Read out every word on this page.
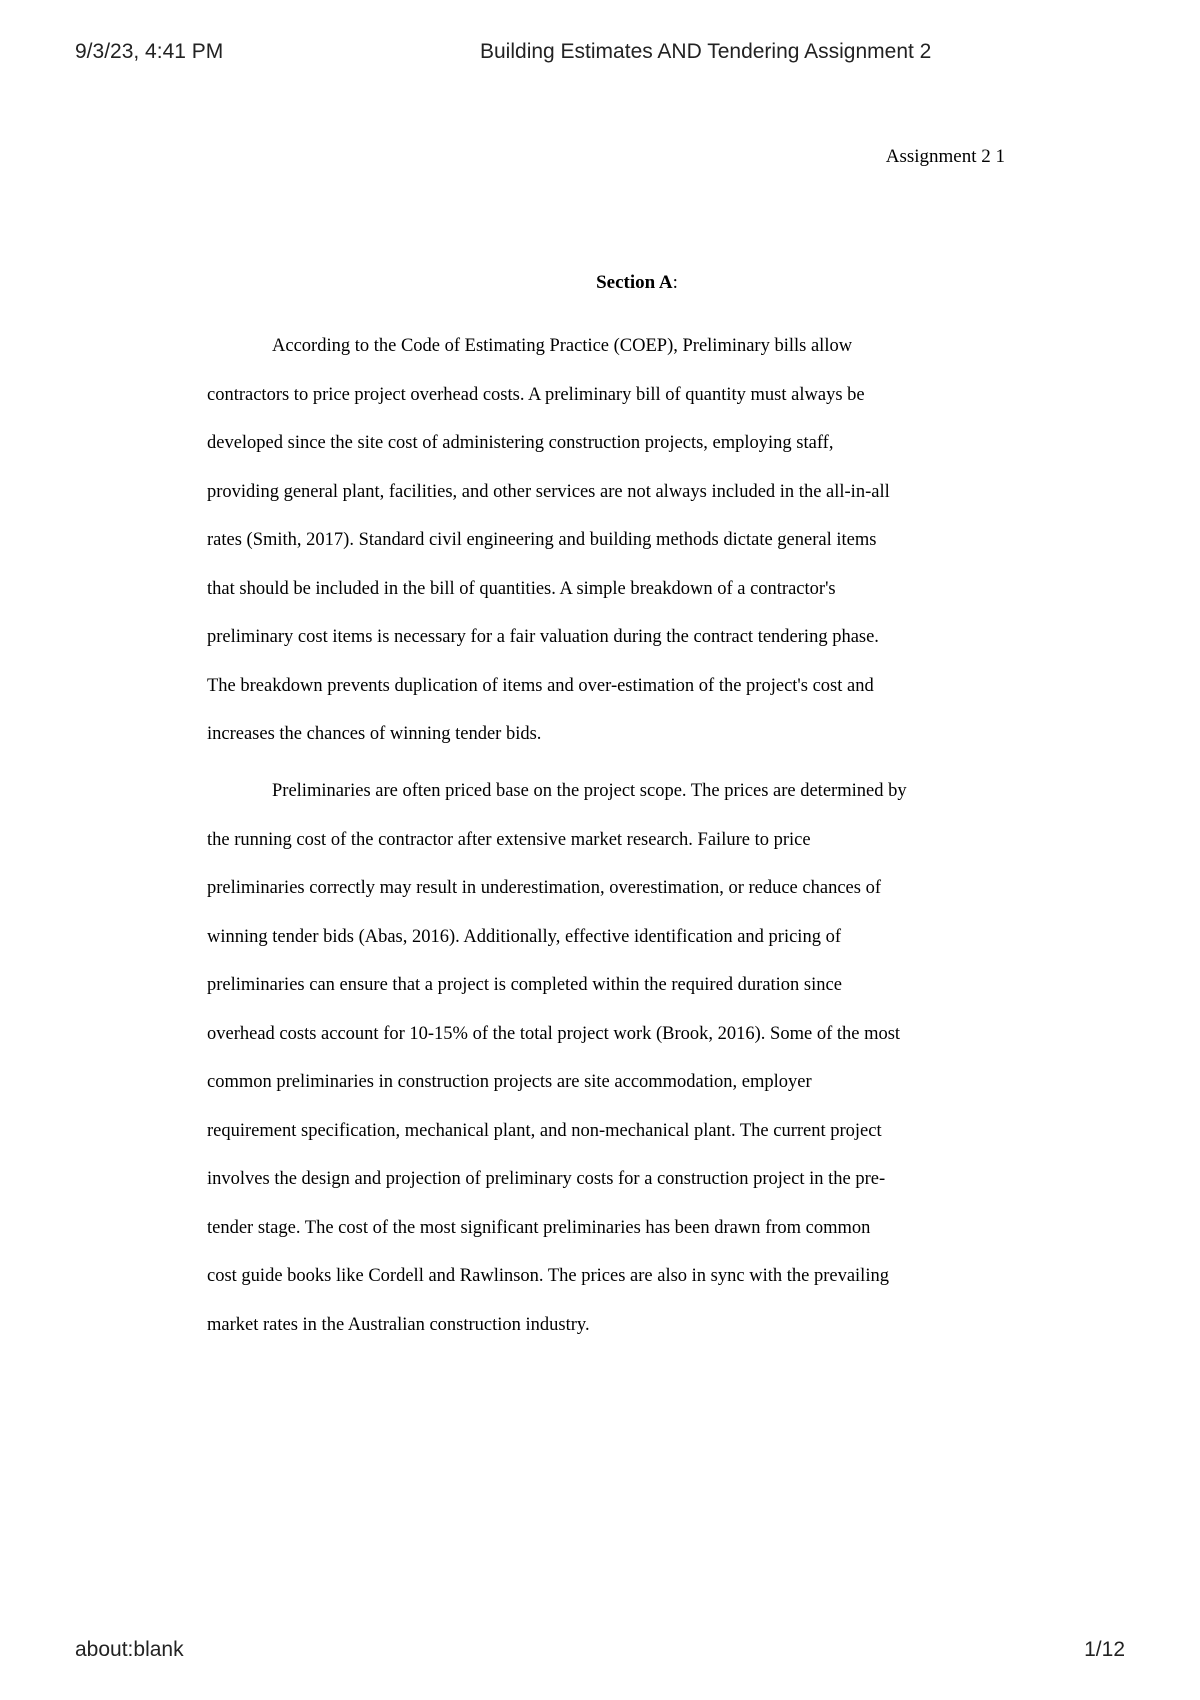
9/3/23, 4:41 PM	Building Estimates AND Tendering Assignment 2
Assignment 2 1
Section A:
According to the Code of Estimating Practice (COEP), Preliminary bills allow
contractors to price project overhead costs. A preliminary bill of quantity must always be
developed since the site cost of administering construction projects, employing staff,
providing general plant, facilities, and other services are not always included in the all-in-all
rates (Smith, 2017). Standard civil engineering and building methods dictate general items
that should be included in the bill of quantities. A simple breakdown of a contractor's
preliminary cost items is necessary for a fair valuation during the contract tendering phase.
The breakdown prevents duplication of items and over-estimation of the project's cost and
increases the chances of winning tender bids.
Preliminaries are often priced base on the project scope. The prices are determined by
the running cost of the contractor after extensive market research. Failure to price
preliminaries correctly may result in underestimation, overestimation, or reduce chances of
winning tender bids (Abas, 2016). Additionally, effective identification and pricing of
preliminaries can ensure that a project is completed within the required duration since
overhead costs account for 10-15% of the total project work (Brook, 2016). Some of the most
common preliminaries in construction projects are site accommodation, employer
requirement specification, mechanical plant, and non-mechanical plant. The current project
involves the design and projection of preliminary costs for a construction project in the pre-
tender stage. The cost of the most significant preliminaries has been drawn from common
cost guide books like Cordell and Rawlinson. The prices are also in sync with the prevailing
market rates in the Australian construction industry.
about:blank	1/12
